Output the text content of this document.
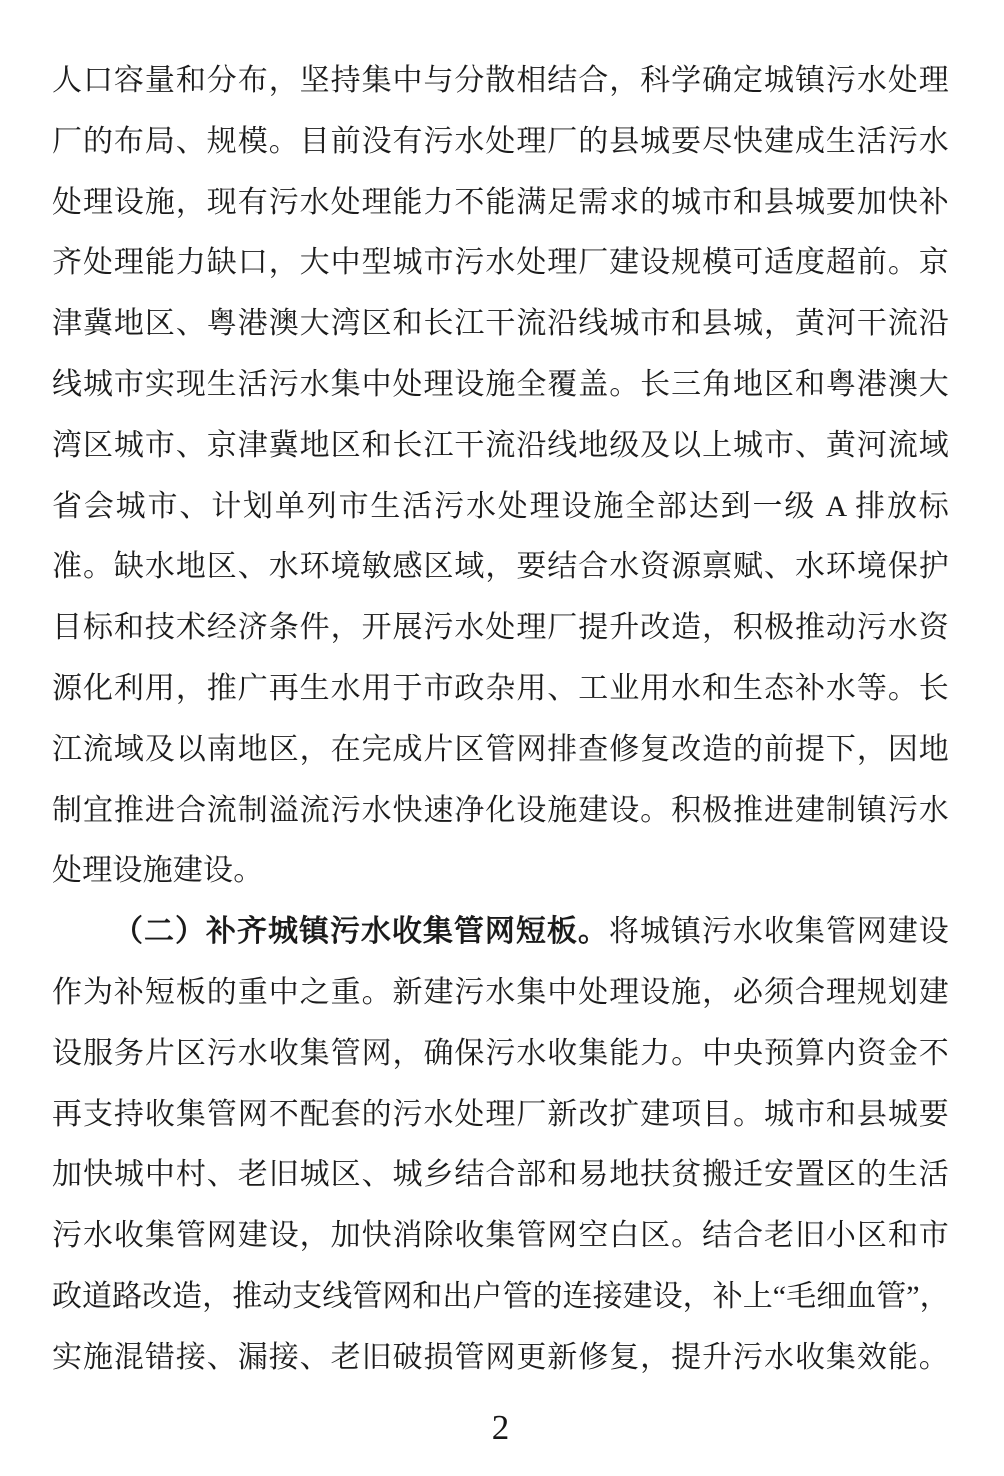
人口容量和分布，坚持集中与分散相结合，科学确定城镇污水处理
厂的布局、规模。目前没有污水处理厂的县城要尽快建成生活污水
处理设施，现有污水处理能力不能满足需求的城市和县城要加快补
齐处理能力缺口，大中型城市污水处理厂建设规模可适度超前。京
津冀地区、粤港澳大湾区和长江干流沿线城市和县城，黄河干流沿
线城市实现生活污水集中处理设施全覆盖。长三角地区和粤港澳大
湾区城市、京津冀地区和长江干流沿线地级及以上城市、黄河流域
省会城市、计划单列市生活污水处理设施全部达到一级 A 排放标
准。缺水地区、水环境敏感区域，要结合水资源禀赋、水环境保护
目标和技术经济条件，开展污水处理厂提升改造，积极推动污水资
源化利用，推广再生水用于市政杂用、工业用水和生态补水等。长
江流域及以南地区，在完成片区管网排查修复改造的前提下，因地
制宜推进合流制溢流污水快速净化设施建设。积极推进建制镇污水
处理设施建设。
（二）补齐城镇污水收集管网短板。将城镇污水收集管网建设
作为补短板的重中之重。新建污水集中处理设施，必须合理规划建
设服务片区污水收集管网，确保污水收集能力。中央预算内资金不
再支持收集管网不配套的污水处理厂新改扩建项目。城市和县城要
加快城中村、老旧城区、城乡结合部和易地扶贫搬迁安置区的生活
污水收集管网建设，加快消除收集管网空白区。结合老旧小区和市
政道路改造，推动支线管网和出户管的连接建设，补上“毛细血管”，
实施混错接、漏接、老旧破损管网更新修复，提升污水收集效能。
2
